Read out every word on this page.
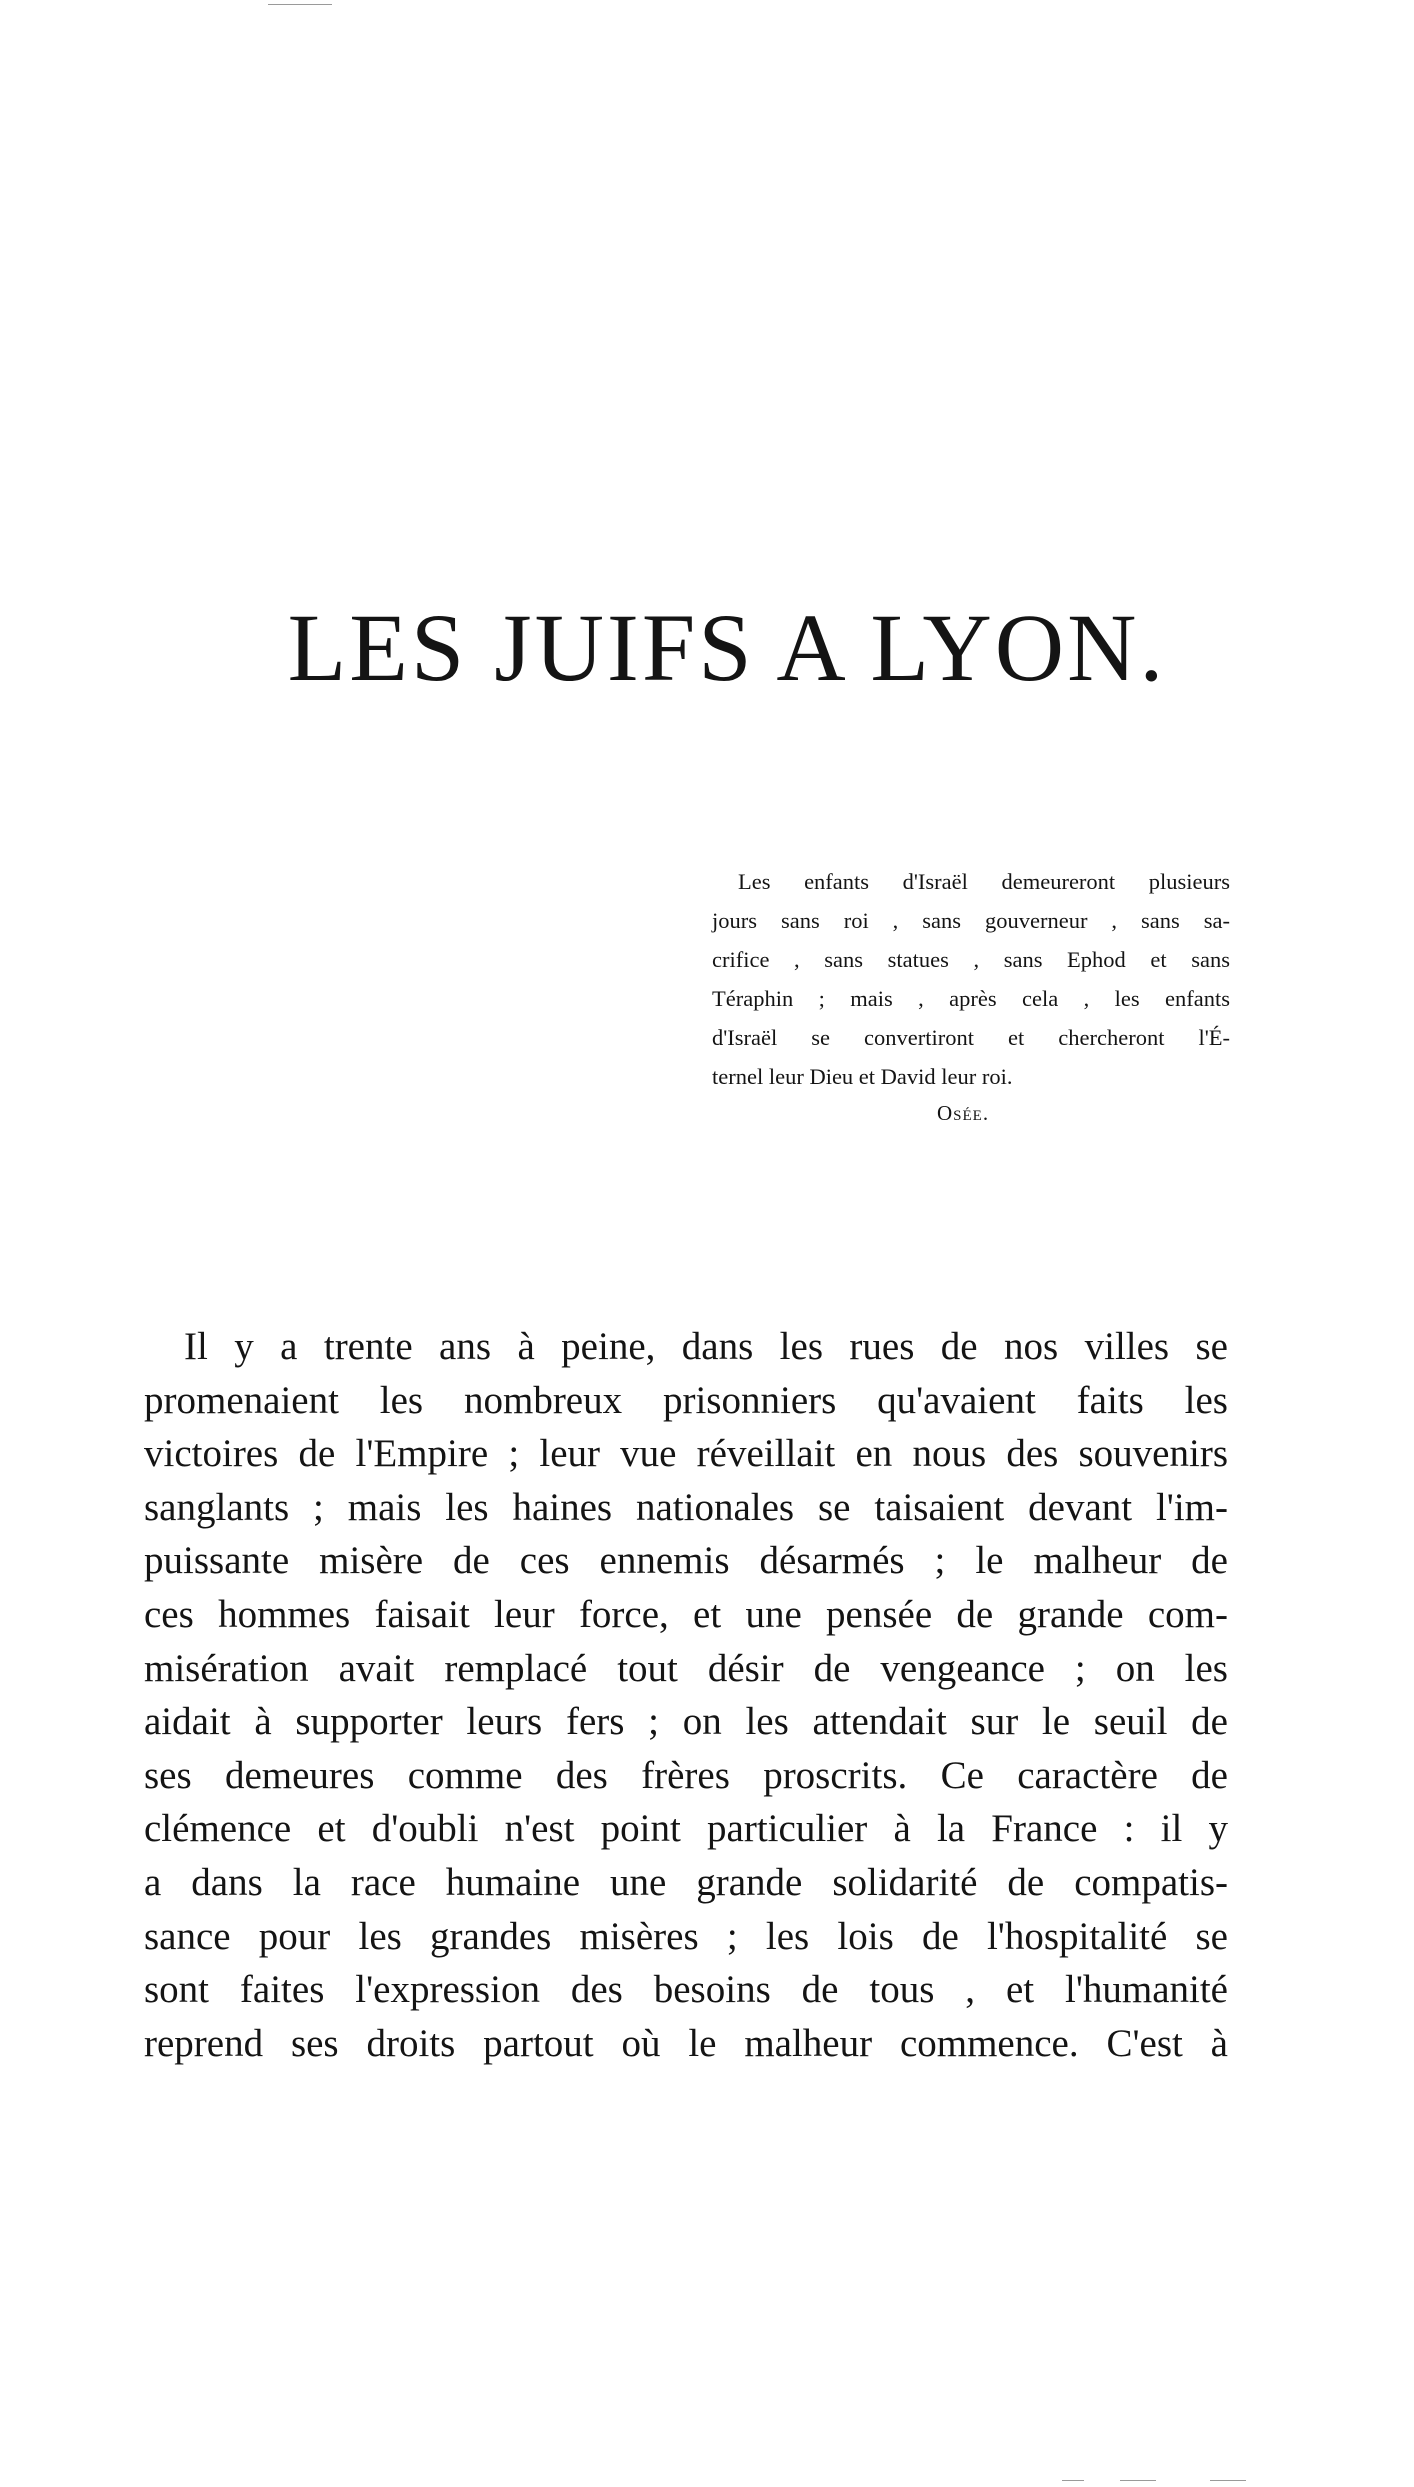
LES JUIFS A LYON.
Les enfants d'Israël demeureront plusieurs
jours sans roi , sans gouverneur , sans sa-
crifice , sans statues , sans Ephod et sans
Téraphin ; mais , après cela , les enfants
d'Israël se convertiront et chercheront l'É-
ternel leur Dieu et David leur roi.
Osée.
Il y a trente ans à peine, dans les rues de nos villes se
promenaient les nombreux prisonniers qu'avaient faits les
victoires de l'Empire ; leur vue réveillait en nous des souvenirs
sanglants ; mais les haines nationales se taisaient devant l'im-
puissante misère de ces ennemis désarmés ; le malheur de
ces hommes faisait leur force, et une pensée de grande com-
misération avait remplacé tout désir de vengeance ; on les
aidait à supporter leurs fers ; on les attendait sur le seuil de
ses demeures comme des frères proscrits. Ce caractère de
clémence et d'oubli n'est point particulier à la France : il y
a dans la race humaine une grande solidarité de compatis-
sance pour les grandes misères ; les lois de l'hospitalité se
sont faites l'expression des besoins de tous , et l'humanité
reprend ses droits partout où le malheur commence. C'est à
